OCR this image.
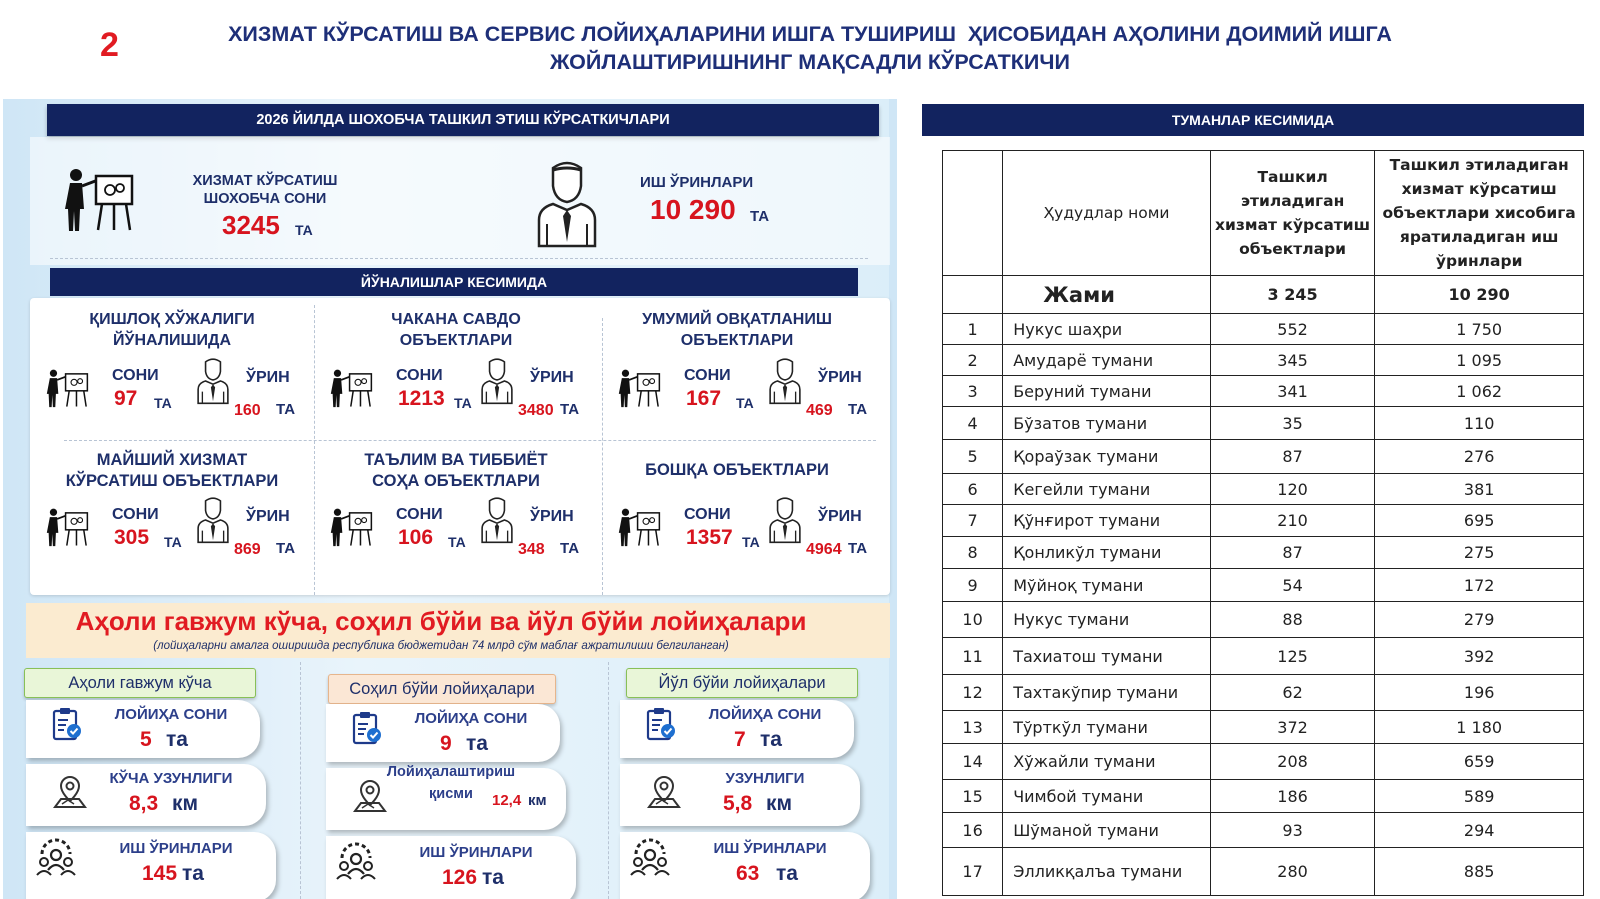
2	ХИЗМАТ КЎРСАТИШ ВА СЕРВИС ЛОЙИҲАЛАРИНИ ИШГА ТУШИРИШ  ҲИСОБИДАН АҲОЛИНИ ДОИМИЙ ИШГА
ЖОЙЛАШТИРИШНИНГ МАҚСАДЛИ КЎРСАТКИЧИ
2026 ЙИЛДА ШОХОБЧА ТАШКИЛ ЭТИШ КЎРСАТКИЧЛАРИ
ХИЗМАТ КЎРСАТИШ
ШОХОБЧА СОНИ
3245 ТА
ИШ ЎРИНЛАРИ
10 290 ТА
ЙЎНАЛИШЛАР КЕСИМИДА
ҚИШЛОҚ ХЎЖАЛИГИ
ЙЎНАЛИШИДА
СОНИ
97 ТА
ЎРИН
160 ТА
ЧАКАНА САВДО
ОБЪЕКТЛАРИ
СОНИ
1213 ТА
ЎРИН
3480 ТА
УМУМИЙ ОВҚАТЛАНИШ
ОБЪЕКТЛАРИ
СОНИ
167 ТА
ЎРИН
469 ТА
МАЙШИЙ ХИЗМАТ
КЎРСАТИШ ОБЪЕКТЛАРИ
СОНИ
305 ТА
ЎРИН
869 ТА
ТАЪЛИМ ВА ТИББИЁТ
СОҲА ОБЪЕКТЛАРИ
СОНИ
106 ТА
ЎРИН
348 ТА
БОШҚА ОБЪЕКТЛАРИ
СОНИ
1357 ТА
ЎРИН
4964 ТА
Аҳоли гавжум кўча, соҳил бўйи ва йўл бўйи лойиҳалари
(лойиҳаларни амалга оширишда республика бюджетидан 74 млрд сўм маблағ ажратилиши белгиланган)
Аҳоли гавжум кўча
ЛОЙИҲА СОНИ
5 та
КЎЧА УЗУНЛИГИ
8,3 км
ИШ ЎРИНЛАРИ
145 та
Соҳил бўйи лойиҳалари
ЛОЙИҲА СОНИ
9 та
Лойиҳалаштириш
қисми	12,4 км
ИШ ЎРИНЛАРИ
126 та
Йўл бўйи лойиҳалари
ЛОЙИҲА СОНИ
7 та
УЗУНЛИГИ
5,8 км
ИШ ЎРИНЛАРИ
63 та
ТУМАНЛАР КЕСИМИДА
	Ҳудудлар номи	Ташкил этиладиган хизмат кўрсатиш объектлари	Ташкил этиладиган хизмат кўрсатиш объектлари хисобига яратиладиган иш ўринлари
	Жами	3 245	10 290
1	Нукус шаҳри	552	1 750
2	Амударё тумани	345	1 095
3	Беруний тумани	341	1 062
4	Бўзатов тумани	35	110
5	Қораўзак тумани	87	276
6	Кегейли тумани	120	381
7	Қўнғирот тумани	210	695
8	Қонликўл тумани	87	275
9	Мўйноқ тумани	54	172
10	Нукус тумани	88	279
11	Тахиатош тумани	125	392
12	Тахтакўпир тумани	62	196
13	Тўрткўл тумани	372	1 180
14	Хўжайли тумани	208	659
15	Чимбой тумани	186	589
16	Шўманой тумани	93	294
17	Элликқалъа тумани	280	885
